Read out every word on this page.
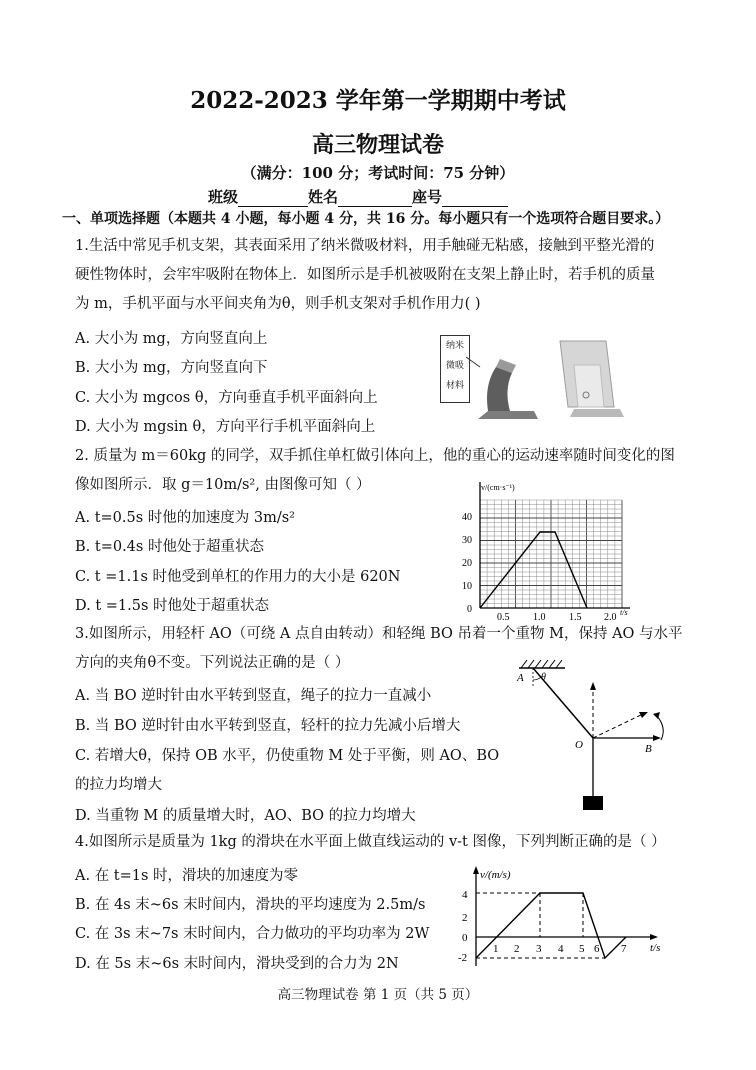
2022-2023 学年第一学期期中考试
高三物理试卷
（满分：100 分；考试时间：75 分钟）
班级	姓名	座号
一、单项选择题（本题共 4 小题，每小题 4 分，共 16 分。每小题只有一个选项符合题目要求。）
1.生活中常见手机支架，其表面采用了纳米微吸材料，用手触碰无粘感，接触到平整光滑的
硬性物体时，会牢牢吸附在物体上．如图所示是手机被吸附在支架上静止时，若手机的质量
为 m，手机平面与水平间夹角为θ，则手机支架对手机作用力( )
A. 大小为 mg，方向竖直向上
B. 大小为 mg，方向竖直向下
C. 大小为 mgcos θ，方向垂直手机平面斜向上
D. 大小为 mgsin θ，方向平行手机平面斜向上
纳米
微吸
材料
2. 质量为 m＝60kg 的同学，双手抓住单杠做引体向上，他的重心的运动速率随时间变化的图
像如图所示．取 g＝10m/s², 由图像可知（ ）
A. t=0.5s 时他的加速度为 3m/s²
B. t=0.4s 时他处于超重状态
C. t =1.1s 时他受到单杠的作用力的大小是 620N
D. t =1.5s 时他处于超重状态
v/(cm·s⁻¹)
t/s
0
10
20
30
40
0.5 1.0 1.5 2.0
3.如图所示，用轻杆 AO（可绕 A 点自由转动）和轻绳 BO 吊着一个重物 M，保持 AO 与水平
方向的夹角θ不变。下列说法正确的是（ ）
A. 当 BO 逆时针由水平转到竖直，绳子的拉力一直减小
B. 当 BO 逆时针由水平转到竖直，轻杆的拉力先减小后增大
C. 若增大θ，保持 OB 水平，仍使重物 M 处于平衡，则 AO、BO
的拉力均增大
D. 当重物 M 的质量增大时，AO、BO 的拉力均增大
A θ
B
O
4.如图所示是质量为 1kg 的滑块在水平面上做直线运动的 v-t 图像，下列判断正确的是（ ）
A. 在 t=1s 时，滑块的加速度为零
B. 在 4s 末~6s 末时间内，滑块的平均速度为 2.5m/s
C. 在 3s 末~7s 末时间内，合力做功的平均功率为 2W
D. 在 5s 末~6s 末时间内，滑块受到的合力为 2N
v/(m/s)
t/s
4
2
0
-2
1 2 3 4 5 6 7
高三物理试卷 第 1 页（共 5 页）
